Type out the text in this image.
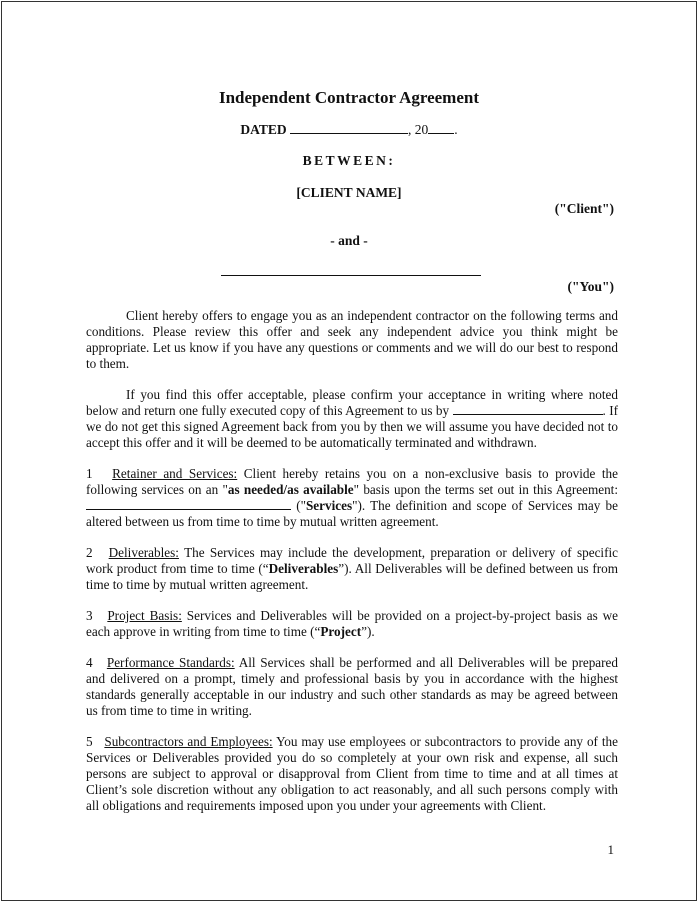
Independent Contractor Agreement
DATED	, 20 .
BETWEEN:
[CLIENT NAME]
("Client")
- and -
("You")

Client hereby offers to engage you as an independent contractor on the following terms and conditions. Please review this offer and seek any independent advice you think might be appropriate. Let us know if you have any questions or comments and we will do our best to respond to them.

If you find this offer acceptable, please confirm your acceptance in writing where noted below and return one fully executed copy of this Agreement to us by	. If we do not get this signed Agreement back from you by then we will assume you have decided not to accept this offer and it will be deemed to be automatically terminated and withdrawn.

1 Retainer and Services: Client hereby retains you on a non-exclusive basis to provide the following services on an "as needed/as available" basis upon the terms set out in this Agreement:  ("Services"). The definition and scope of Services may be altered between us from time to time by mutual written agreement.

2 Deliverables: The Services may include the development, preparation or delivery of specific work product from time to time (“Deliverables”). All Deliverables will be defined between us from time to time by mutual written agreement.

3 Project Basis: Services and Deliverables will be provided on a project-by-project basis as we each approve in writing from time to time (“Project”).

4 Performance Standards: All Services shall be performed and all Deliverables will be prepared and delivered on a prompt, timely and professional basis by you in accordance with the highest standards generally acceptable in our industry and such other standards as may be agreed between us from time to time in writing.

5 Subcontractors and Employees: You may use employees or subcontractors to provide any of the Services or Deliverables provided you do so completely at your own risk and expense, all such persons are subject to approval or disapproval from Client from time to time and at all times at Client’s sole discretion without any obligation to act reasonably, and all such persons comply with all obligations and requirements imposed upon you under your agreements with Client.

1
